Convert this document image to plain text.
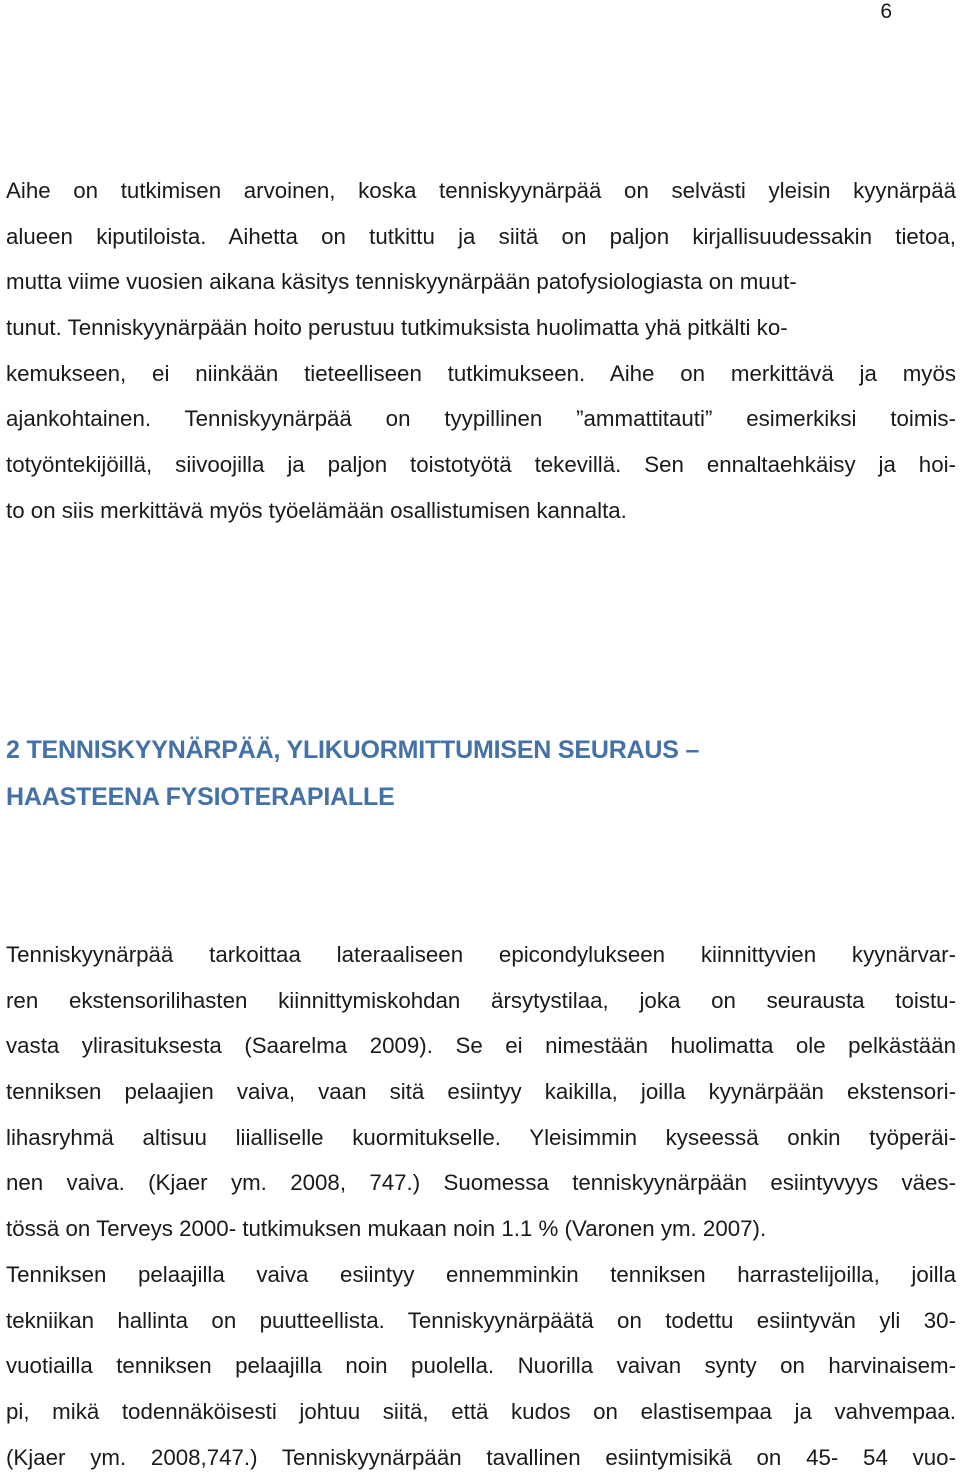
6
Aihe on tutkimisen arvoinen, koska tenniskyynärpää on selvästi yleisin kyynärpää
alueen kiputiloista. Aihetta on tutkittu ja siitä on paljon kirjallisuudessakin tietoa,
mutta viime vuosien aikana käsitys tenniskyynärpään patofysiologiasta on muut-
tunut. Tenniskyynärpään hoito perustuu tutkimuksista huolimatta yhä pitkälti ko-
kemukseen, ei niinkään tieteelliseen tutkimukseen. Aihe on merkittävä ja myös
ajankohtainen. Tenniskyynärpää on tyypillinen ”ammattitauti” esimerkiksi toimis-
totyöntekijöillä, siivoojilla ja paljon toistotyötä tekevillä. Sen ennaltaehkäisy ja hoi-
to on siis merkittävä myös työelämään osallistumisen kannalta.
2 TENNISKYYNÄRPÄÄ, YLIKUORMITTUMISEN SEURAUS –
HAASTEENA FYSIOTERAPIALLE
Tenniskyynärpää tarkoittaa lateraaliseen epicondylukseen kiinnittyvien kyynärvar-
ren ekstensorilihasten kiinnittymiskohdan ärsytystilaa, joka on seurausta toistu-
vasta ylirasituksesta (Saarelma 2009). Se ei nimestään huolimatta ole pelkästään
tenniksen pelaajien vaiva, vaan sitä esiintyy kaikilla, joilla kyynärpään ekstensori-
lihasryhmä altisuu liialliselle kuormitukselle. Yleisimmin kyseessä onkin työperäi-
nen vaiva. (Kjaer ym. 2008, 747.) Suomessa tenniskyynärpään esiintyvyys väes-
tössä on Terveys 2000- tutkimuksen mukaan noin 1.1 % (Varonen ym. 2007).
Tenniksen pelaajilla vaiva esiintyy ennemminkin tenniksen harrastelijoilla, joilla
tekniikan hallinta on puutteellista. Tenniskyynärpäätä on todettu esiintyvän yli 30-
vuotiailla tenniksen pelaajilla noin puolella. Nuorilla vaivan synty on harvinaisem-
pi, mikä todennäköisesti johtuu siitä, että kudos on elastisempaa ja vahvempaa.
(Kjaer ym. 2008,747.) Tenniskyynärpään tavallinen esiintymisikä on 45- 54 vuo-
